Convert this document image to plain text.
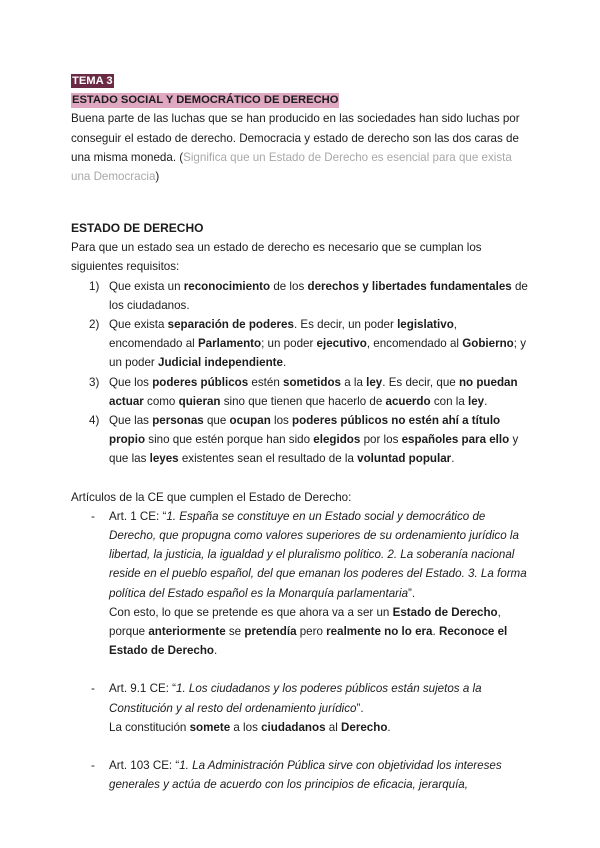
TEMA 3
ESTADO SOCIAL Y DEMOCRÁTICO DE DERECHO

Buena parte de las luchas que se han producido en las sociedades han sido luchas por conseguir el estado de derecho. Democracia y estado de derecho son las dos caras de una misma moneda. (Significa que un Estado de Derecho es esencial para que exista una Democracia)

ESTADO DE DERECHO

Para que un estado sea un estado de derecho es necesario que se cumplan los siguientes requisitos:

1) Que exista un reconocimiento de los derechos y libertades fundamentales de los ciudadanos.
2) Que exista separación de poderes. Es decir, un poder legislativo, encomendado al Parlamento; un poder ejecutivo, encomendado al Gobierno; y un poder Judicial independiente.
3) Que los poderes públicos estén sometidos a la ley. Es decir, que no puedan actuar como quieran sino que tienen que hacerlo de acuerdo con la ley.
4) Que las personas que ocupan los poderes públicos no estén ahí a título propio sino que estén porque han sido elegidos por los españoles para ello y que las leyes existentes sean el resultado de la voluntad popular.

Artículos de la CE que cumplen el Estado de Derecho:

- Art. 1 CE: “1. España se constituye en un Estado social y democrático de Derecho, que propugna como valores superiores de su ordenamiento jurídico la libertad, la justicia, la igualdad y el pluralismo político. 2. La soberanía nacional reside en el pueblo español, del que emanan los poderes del Estado. 3. La forma política del Estado español es la Monarquía parlamentaria”.
Con esto, lo que se pretende es que ahora va a ser un Estado de Derecho, porque anteriormente se pretendía pero realmente no lo era. Reconoce el Estado de Derecho.
- Art. 9.1 CE: “1. Los ciudadanos y los poderes públicos están sujetos a la Constitución y al resto del ordenamiento jurídico”.
La constitución somete a los ciudadanos al Derecho.
- Art. 103 CE: “1. La Administración Pública sirve con objetividad los intereses generales y actúa de acuerdo con los principios de eficacia, jerarquía,
